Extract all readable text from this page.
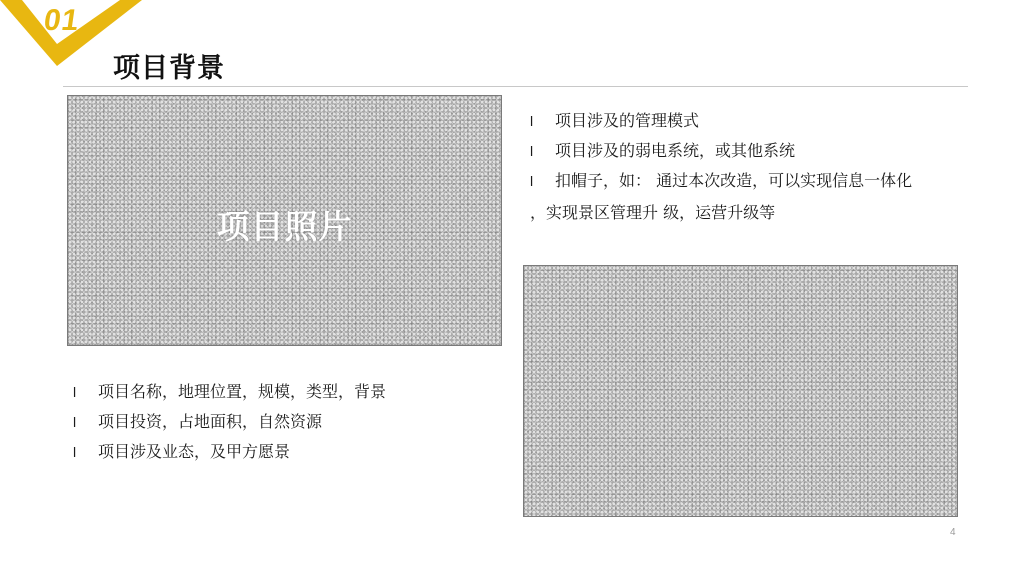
01
项目背景
项目照片
l 项目涉及的管理模式
l 项目涉及的弱电系统，或其他系统
l 扣帽子，如： 通过本次改造，可以实现信息一体化
，实现景区管理升 级，运营升级等
l 项目名称，地理位置，规模，类型，背景
l 项目投资，占地面积，自然资源
l 项目涉及业态，及甲方愿景
4
